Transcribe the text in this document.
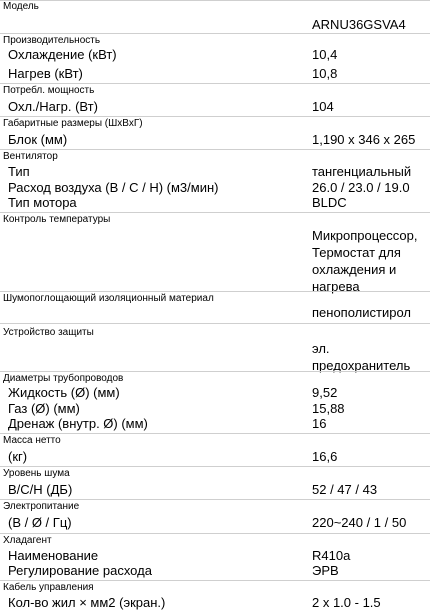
Модель
ARNU36GSVA4
Производительность
Охлаждение (кВт)	10,4
Нагрев (кВт)	10,8
Потребл. мощность
Охл./Нагр. (Вт)	104
Габаритные размеры (ШхВхГ)
Блок (мм)	1,190 x 346 x 265
Вентилятор
Тип	тангенциальный
Расход воздуха (В / С / Н) (м3/мин)	26.0 / 23.0 / 19.0
Тип мотора	BLDC
Контроль температуры
Микропроцессор,
Термостат для
охлаждения и
нагрева
Шумопоглощающий изоляционный материал
пенополистирол
Устройство защиты
эл.
предохранитель
Диаметры трубопроводов
Жидкость (Ø) (мм)	9,52
Газ (Ø) (мм)	15,88
Дренаж (внутр. Ø) (мм)	16
Масса нетто
(кг)	16,6
Уровень шума
В/С/Н (ДБ)	52 / 47 / 43
Электропитание
(В / Ø / Гц)	220~240 / 1 / 50
Хладагент
Наименование	R410a
Регулирование расхода	ЭРВ
Кабель управления
Кол-во жил × мм2 (экран.)	2 x 1.0 - 1.5
